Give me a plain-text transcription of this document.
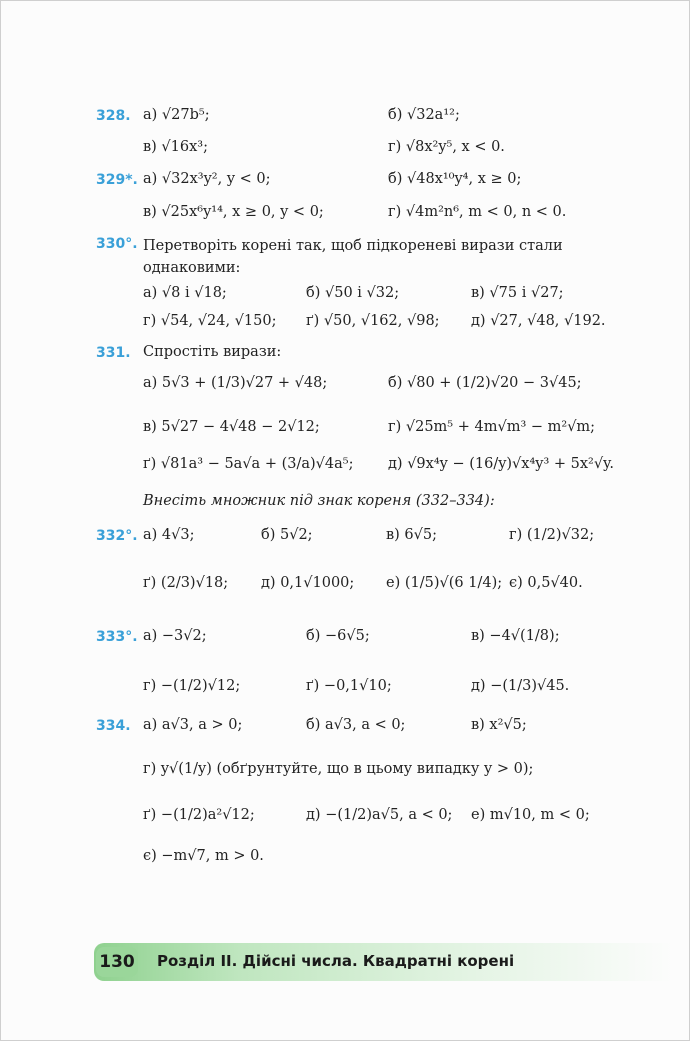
328. а) √27b⁵;	б) √32a¹²;
в) √16x³;	г) √8x²y⁵, x < 0.
329*. а) √32x³y², y < 0;	б) √48x¹⁰y⁴, x ≥ 0;
в) √25x⁶y¹⁴, x ≥ 0, y < 0;	г) √4m²n⁶, m < 0, n < 0.
330°. Перетворіть корені так, щоб підкореневі вирази стали однаковими:
а) √8 і √18;	б) √50 і √32;	в) √75 і √27;
г) √54, √24, √150; ґ) √50, √162, √98; д) √27, √48, √192.
331. Спростіть вирази:
а) 5√3 + (1/3)√27 + √48;	б) √80 + (1/2)√20 − 3√45;
в) 5√27 − 4√48 − 2√12;	г) √25m⁵ + 4m√m³ − m²√m;
ґ) √81a³ − 5a√a + (3/a)√4a⁵; д) √9x⁴y − (16/y)√x⁴y³ + 5x²√y.
Внесіть множник під знак кореня (332–334):
332°. а) 4√3;	б) 5√2;	в) 6√5;	г) (1/2)√32;
ґ) (2/3)√18; д) 0,1√1000; е) (1/5)√(6 1/4); є) 0,5√40.
333°. а) −3√2;	б) −6√5;	в) −4√(1/8);
г) −(1/2)√12;	ґ) −0,1√10;	д) −(1/3)√45.
334. а) a√3, a > 0;	б) a√3, a < 0;	в) x²√5;
г) y√(1/y) (обґрунтуйте, що в цьому випадку y > 0);
ґ) −(1/2)a²√12;	д) −(1/2)a√5, a < 0; е) m√10, m < 0;
є) −m√7, m > 0.
130 Розділ ІІ. Дійсні числа. Квадратні корені
